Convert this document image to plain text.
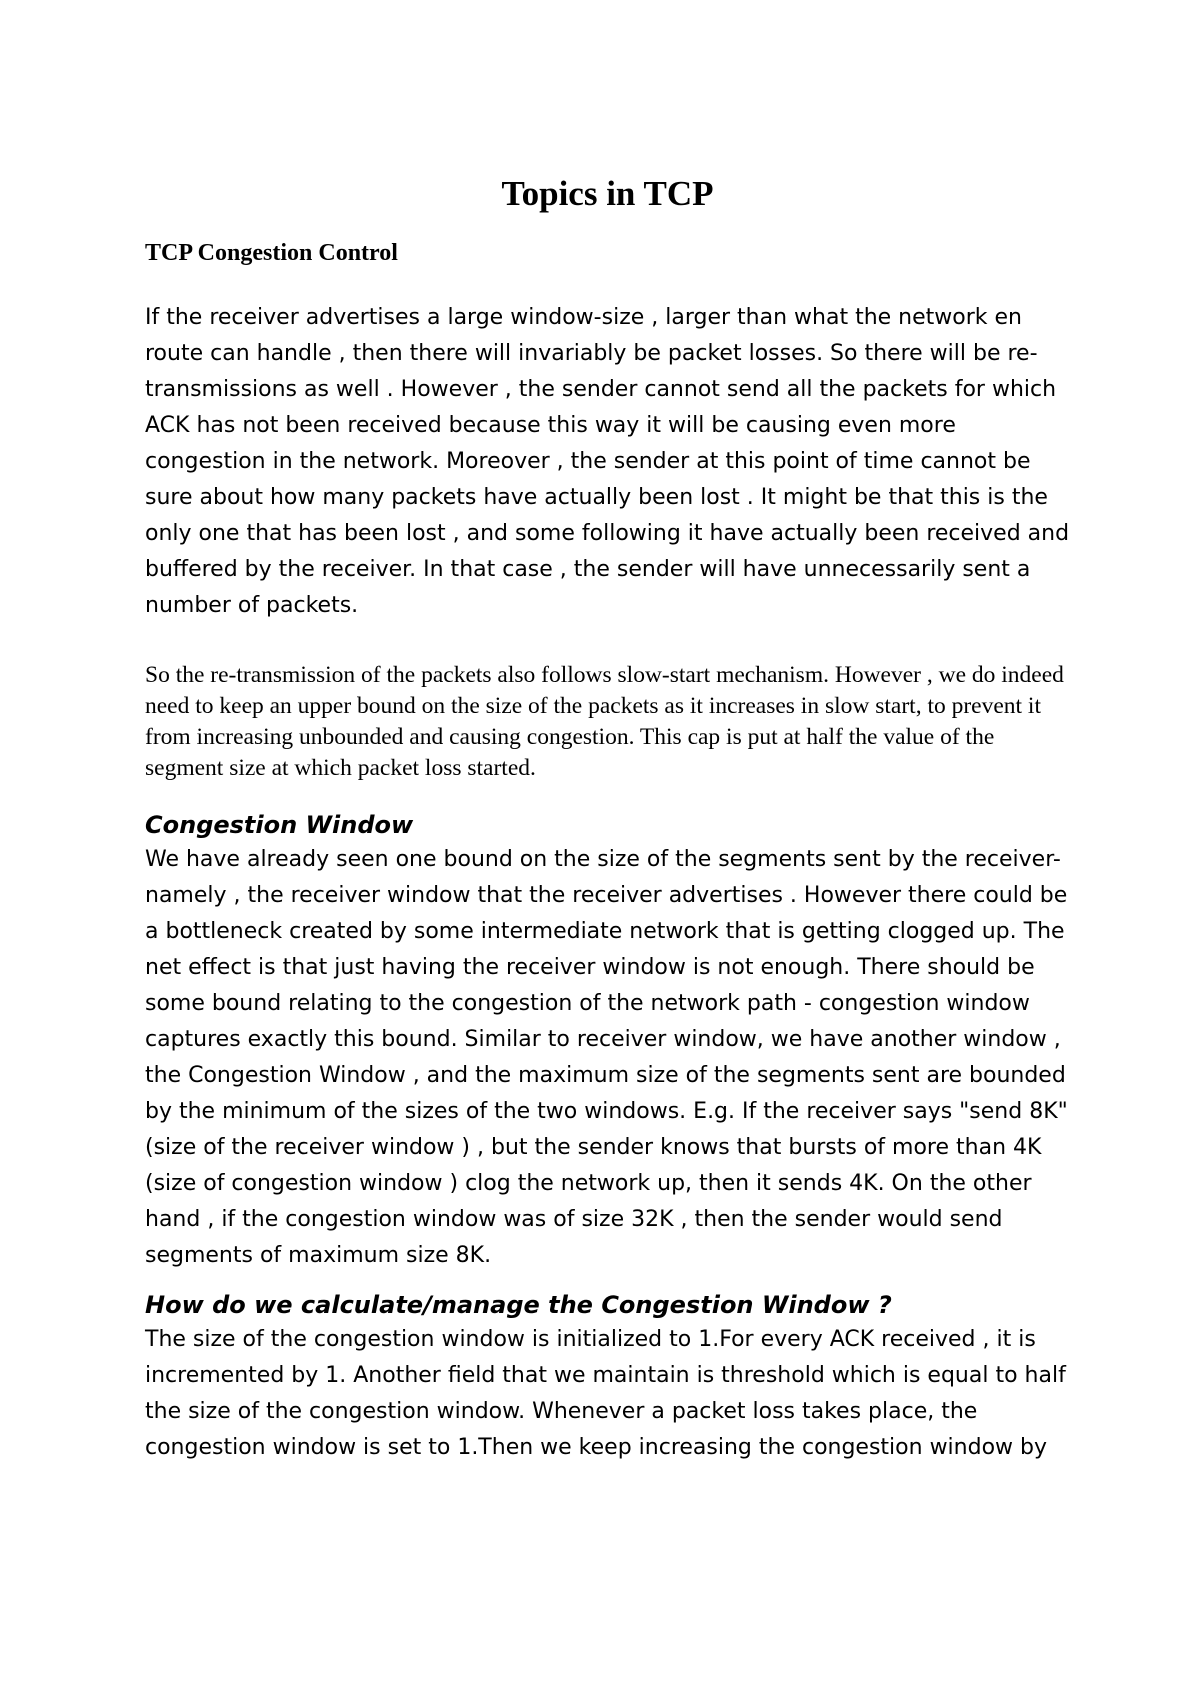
Topics in TCP
TCP Congestion Control

If the receiver advertises a large window-size , larger than what the network en route can handle , then there will invariably be packet losses. So there will be re-transmissions as well . However , the sender cannot send all the packets for which ACK has not been received because this way it will be causing even more congestion in the network. Moreover , the sender at this point of time cannot be sure about how many packets have actually been lost . It might be that this is the only one that has been lost , and some following it have actually been received and buffered by the receiver. In that case , the sender will have unnecessarily sent a number of packets.

So the re-transmission of the packets also follows slow-start mechanism. However , we do indeed need to keep an upper bound on the size of the packets as it increases in slow start, to prevent it from increasing unbounded and causing congestion. This cap is put at half the value of the segment size at which packet loss started.

Congestion Window

We have already seen one bound on the size of the segments sent by the receiver- namely , the receiver window that the receiver advertises . However there could be a bottleneck created by some intermediate network that is getting clogged up. The net effect is that just having the receiver window is not enough. There should be some bound relating to the congestion of the network path - congestion window captures exactly this bound. Similar to receiver window, we have another window , the Congestion Window , and the maximum size of the segments sent are bounded by the minimum of the sizes of the two windows. E.g. If the receiver says "send 8K" (size of the receiver window ) , but the sender knows that bursts of more than 4K (size of congestion window ) clog the network up, then it sends 4K. On the other hand , if the congestion window was of size 32K , then the sender would send segments of maximum size 8K.

How do we calculate/manage the Congestion Window ?

The size of the congestion window is initialized to 1.For every ACK received , it is incremented by 1. Another field that we maintain is threshold which is equal to half the size of the congestion window. Whenever a packet loss takes place, the congestion window is set to 1.Then we keep increasing the congestion window by
